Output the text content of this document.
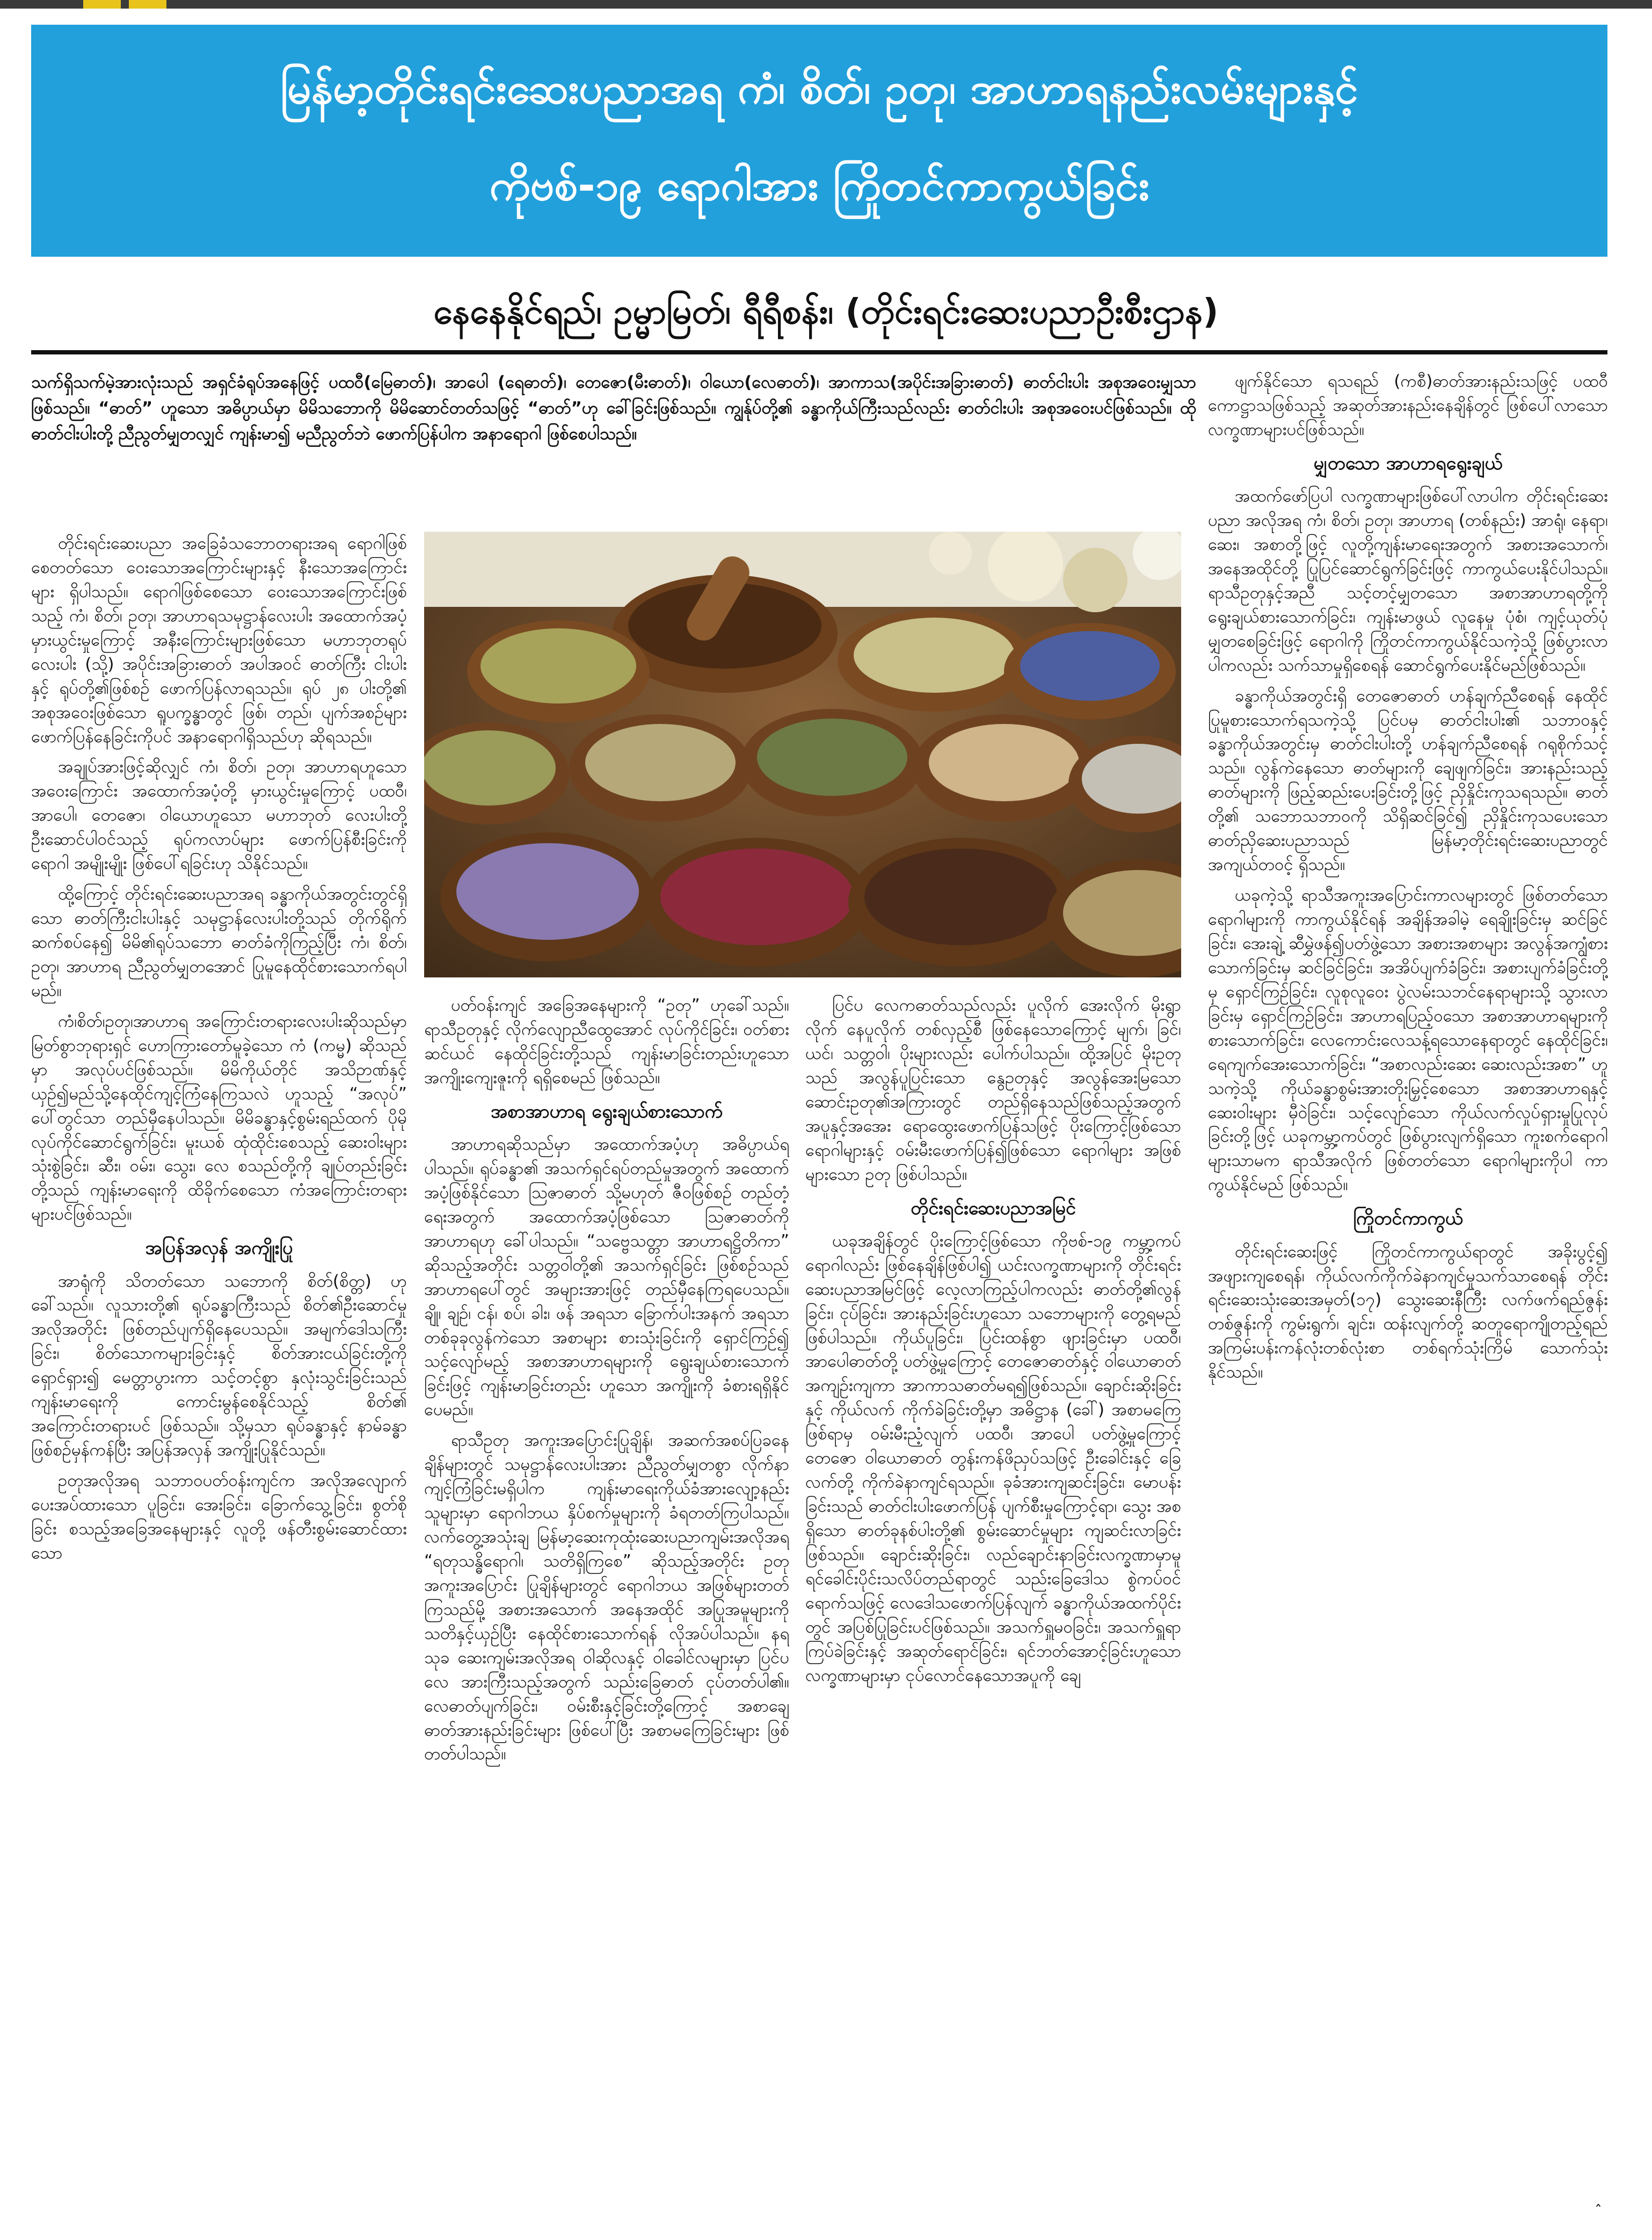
မြန်မာ့တိုင်းရင်းဆေးပညာအရ ကံ၊ စိတ်၊ ဥတု၊ အာဟာရနည်းလမ်းများနှင့်
ကိုဗစ်-၁၉ ရောဂါအား ကြိုတင်ကာကွယ်ခြင်း
နေနေနိုင်ရည်၊ ဥမ္မာမြတ်၊ ရီရီစန်း၊ (တိုင်းရင်းဆေးပညာဦးစီးဌာန)
သက်ရှိသက်မဲ့အားလုံးသည် အရှင်ခံရုပ်အနေဖြင့် ပထဝီ(မြေဓာတ်)၊ အာပေါ (ရေဓာတ်)၊ တေဇော(မီးဓာတ်)၊ ဝါယော(လေဓာတ်)၊ အာကာသ(အပိုင်းအခြားဓာတ်) ဓာတ်ငါးပါး အစုအဝေးမျှသာဖြစ်သည်။ “ဓာတ်” ဟူသော အဓိပ္ပာယ်မှာ မိမိသဘောကို မိမိဆောင်တတ်သဖြင့် “ဓာတ်”ဟု ခေါ်ခြင်းဖြစ်သည်။ ကျွန်ုပ်တို့၏ ခန္ဓာကိုယ်ကြီးသည်လည်း ဓာတ်ငါးပါး အစုအဝေးပင်ဖြစ်သည်။ ထိုဓာတ်ငါးပါးတို့ ညီညွတ်မျှတလျှင် ကျန်းမာ၍ မညီညွတ်ဘဲ ဖောက်ပြန်ပါက အနာရောဂါ ဖြစ်စေပါသည်။

တိုင်းရင်းဆေးပညာ အခြေခံသဘောတရားအရ ရောဂါဖြစ်စေတတ်သော ဝေးသောအကြောင်းများနှင့် နီးသောအကြောင်းများ ရှိပါသည်။ ရောဂါဖြစ်စေသော ဝေးသောအကြောင်းဖြစ်သည့် ကံ၊ စိတ်၊ ဥတု၊ အာဟာရသမုဋ္ဌာန်လေးပါး အထောက်အပံ့ မှားယွင်းမှုကြောင့် အနီးကြောင်းများဖြစ်သော မဟာဘုတရုပ်လေးပါး (သို့) အပိုင်းအခြားဓာတ် အပါအဝင် ဓာတ်ကြီး ငါးပါးနှင့် ရုပ်တို့၏ဖြစ်စဉ် ဖောက်ပြန်လာရသည်။ ရုပ် ၂၈ ပါးတို့၏ အစုအဝေးဖြစ်သော ရူပက္ခန္ဓာတွင် ဖြစ်၊ တည်၊ ပျက်အစဉ်များ ဖောက်ပြန်နေခြင်းကိုပင် အနာရောဂါရှိသည်ဟု ဆိုရသည်။

အချုပ်အားဖြင့်ဆိုလျှင် ကံ၊ စိတ်၊ ဥတု၊ အာဟာရဟူသော အဝေးကြောင်း အထောက်အပံ့တို့ မှားယွင်းမှုကြောင့် ပထဝီ၊ အာပေါ၊ တေဇော၊ ဝါယောဟူသော မဟာဘုတ် လေးပါးတို့ ဦးဆောင်ပါဝင်သည့် ရုပ်ကလာပ်များ ဖောက်ပြန်စီးခြင်းကို ရောဂါ အမျိုးမျိုး ဖြစ်ပေါ်ရခြင်းဟု သိနိုင်သည်။

ထို့ကြောင့် တိုင်းရင်းဆေးပညာအရ ခန္ဓာကိုယ်အတွင်းတွင်ရှိသော ဓာတ်ကြီးငါးပါးနှင့် သမုဋ္ဌာန်လေးပါးတို့သည် တိုက်ရိုက်ဆက်စပ်နေ၍ မိမိ၏ရုပ်သဘော ဓာတ်ခံကိုကြည့်ပြီး ကံ၊ စိတ်၊ ဥတု၊ အာဟာရ ညီညွတ်မျှတအောင် ပြုမူနေထိုင်စားသောက်ရပါမည်။

ကံ၊စိတ်၊ဥတု၊အာဟာရ အကြောင်းတရားလေးပါးဆိုသည်မှာ မြတ်စွာဘုရားရှင် ဟောကြားတော်မူခဲ့သော ကံ (ကမ္မ) ဆိုသည်မှာ အလုပ်ပင်ဖြစ်သည်။ မိမိကိုယ်တိုင် အသိဉာဏ်နှင့် ယှဉ်၍မည်သို့နေထိုင်ကျင့်ကြံနေကြသလဲ ဟူသည့် “အလုပ်” ပေါ်တွင်သာ တည်မှီနေပါသည်။ မိမိခန္ဓာနှင့်စွမ်းရည်ထက် ပိုမိုလုပ်ကိုင်ဆောင်ရွက်ခြင်း၊ မူးယစ် ထုံထိုင်းစေသည့် ဆေးဝါးများသုံးစွဲခြင်း၊ ဆီး၊ ဝမ်း၊ သွေး၊ လေ စသည်တို့ကို ချုပ်တည်းခြင်းတို့သည် ကျန်းမာရေးကို ထိခိုက်စေသော ကံအကြောင်းတရားများပင်ဖြစ်သည်။

အပြန်အလှန် အကျိုးပြု

အာရုံကို သိတတ်သော သဘောကို စိတ်(စိတ္တ) ဟုခေါ်သည်။ လူသားတို့၏ ရုပ်ခန္ဓာကြီးသည် စိတ်၏ဦးဆောင်မှုအလိုအတိုင်း ဖြစ်တည်ပျက်ရှိနေပေသည်။ အမျက်ဒေါသကြီးခြင်း၊ စိတ်သောကများခြင်းနှင့် စိတ်အားငယ်ခြင်းတို့ကို ရှောင်ရှား၍ မေတ္တာပွားကာ သင့်တင့်စွာ နှလုံးသွင်းခြင်းသည် ကျန်းမာရေးကို ကောင်းမွန်စေနိုင်သည့် စိတ်၏ အကြောင်းတရားပင် ဖြစ်သည်။ သို့မှသာ ရုပ်ခန္ဓာနှင့် နာမ်ခန္ဓာဖြစ်စဉ်မှန်ကန်ပြီး အပြန်အလှန် အကျိုးပြုနိုင်သည်။

ဥတုအလိုအရ သဘာဝပတ်ဝန်းကျင်က အလိုအလျောက် ပေးအပ်ထားသော ပူခြင်း၊ အေးခြင်း၊ ခြောက်သွေ့ခြင်း၊ စွတ်စိုခြင်း စသည့်အခြေအနေများနှင့် လူတို့ ဖန်တီးစွမ်းဆောင်ထားသော

ပတ်ဝန်းကျင် အခြေအနေများကို “ဥတု” ဟုခေါ်သည်။ ရာသီဥတုနှင့် လိုက်လျောညီထွေအောင် လုပ်ကိုင်ခြင်း၊ ဝတ်စားဆင်ယင် နေထိုင်ခြင်းတို့သည် ကျန်းမာခြင်းတည်းဟူသော အကျိုးကျေးဇူးကို ရရှိစေမည် ဖြစ်သည်။

အစာအာဟာရ ရွေးချယ်စားသောက်

အာဟာရဆိုသည်မှာ အထောက်အပံ့ဟု အဓိပ္ပာယ်ရပါသည်။ ရုပ်ခန္ဓာ၏ အသက်ရှင်ရပ်တည်မှုအတွက် အထောက်အပံ့ဖြစ်နိုင်သော ဩဇာဓာတ် သို့မဟုတ် ဇီဝဖြစ်စဉ် တည်တံ့ရေးအတွက် အထောက်အပံ့ဖြစ်သော ဩဇာဓာတ်ကို အာဟာရဟု ခေါ်ပါသည်။ “သဗ္ဗေသတ္တာ အာဟာရဋ္ဌိတိကာ” ဆိုသည့်အတိုင်း သတ္တဝါတို့၏ အသက်ရှင်ခြင်း ဖြစ်စဉ်သည် အာဟာရပေါ်တွင် အများအားဖြင့် တည်မှီနေကြရပေသည်။ ချို၊ ချဉ်၊ ငန်၊ စပ်၊ ခါး၊ ဖန် အရသာ ခြောက်ပါးအနက် အရသာ တစ်ခုခုလွန်ကဲသော အစာများ စားသုံးခြင်းကို ရှောင်ကြဉ်၍ သင့်လျော်မည့် အစာအာဟာရများကို ရွေးချယ်စားသောက်ခြင်းဖြင့် ကျန်းမာခြင်းတည်း ဟူသော အကျိုးကို ခံစားရရှိနိုင်ပေမည်။

ရာသီဥတု အကူးအပြောင်းပြုချိန်၊ အဆက်အစပ်ပြခနေချိန်များတွင် သမုဋ္ဌာန်လေးပါးအား ညီညွတ်မျှတစွာ လိုက်နာကျင့်ကြံခြင်းမရှိပါက ကျန်းမာရေးကိုယ်ခံအားလျော့နည်းသူများမှာ ရောဂါဘယ နှိပ်စက်မှုများကို ခံရတတ်ကြပါသည်။ လက်တွေ့အသုံးချ မြန်မာ့ဆေးကုထုံးဆေးပညာကျမ်းအလိုအရ “ရတုသန္ဓိရောဂါ၊ သတိရှိကြစေ” ဆိုသည့်အတိုင်း ဥတုအကူးအပြောင်း ပြုချိန်များတွင် ရောဂါဘယ အဖြစ်များတတ်ကြသည်မို့ အစားအသောက် အနေအထိုင် အပြုအမူများကို သတိနှင့်ယှဉ်ပြီး နေထိုင်စားသောက်ရန် လိုအပ်ပါသည်။ နရသုခ ဆေးကျမ်းအလိုအရ ဝါဆိုလနှင့် ဝါခေါင်လများမှာ ပြင်ပလေ အားကြီးသည့်အတွက် သည်းခြေဓာတ် ငုပ်တတ်ပါ၏။ လေဓာတ်ပျက်ခြင်း၊ ဝမ်းစီးနှင့်ခြင်းတို့ကြောင့် အစာချေဓာတ်အားနည်းခြင်းများ ဖြစ်ပေါ်ပြီး အစာမကြေခြင်းများ ဖြစ်တတ်ပါသည်။

ပြင်ပ လေကဓာတ်သည်လည်း ပူလိုက် အေးလိုက် မိုးရွာလိုက် နေပူလိုက် တစ်လှည့်စီ ဖြစ်နေသောကြောင့် မျက်၊ ခြင်၊ ယင်၊ သတ္တဝါ၊ ပိုးများလည်း ပေါက်ပါသည်။ ထို့အပြင် မိုးဥတုသည် အလွန်ပူပြင်းသော နွေဥတုနှင့် အလွန်အေးမြသော ဆောင်းဥတု၏အကြားတွင် တည်ရှိနေသည်ဖြစ်သည့်အတွက် အပူနှင့်အအေး ရောထွေးဖောက်ပြန်သဖြင့် ပိုးကြောင့်ဖြစ်သော ရောဂါများနှင့် ဝမ်းမီးဖောက်ပြန်၍ဖြစ်သော ရောဂါများ အဖြစ်များသော ဥတု ဖြစ်ပါသည်။

တိုင်းရင်းဆေးပညာအမြင်

ယခုအချိန်တွင် ပိုးကြောင့်ဖြစ်သော ကိုဗစ်-၁၉ ကမ္ဘာ့ကပ်ရောဂါလည်း ဖြစ်နေချိန်ဖြစ်ပါ၍ ယင်းလက္ခဏာများကို တိုင်းရင်းဆေးပညာအမြင်ဖြင့် လေ့လာကြည့်ပါကလည်း ဓာတ်တို့၏လွန်ခြင်း၊ ငုပ်ခြင်း၊ အားနည်းခြင်းဟူသော သဘောများကို တွေ့ရမည် ဖြစ်ပါသည်။ ကိုယ်ပူခြင်း၊ ပြင်းထန်စွာ ဖျားခြင်းမှာ ပထဝီ၊ အာပေါဓာတ်တို့ ပတ်ဖွဲ့မှုကြောင့် တေဇောဓာတ်နှင့် ဝါယောဓာတ် အကျဉ်းကျကာ အာကာသဓာတ်မရ၍ဖြစ်သည်။ ချောင်းဆိုးခြင်းနှင့် ကိုယ်လက် ကိုက်ခဲခြင်းတို့မှာ အဓိဋ္ဌာန (ခေါ်) အစာမကြေဖြစ်ရာမှ ဝမ်းမီးညံ့လျက် ပထဝီ၊ အာပေါ ပတ်ဖွဲ့မှုကြောင့် တေဇော ဝါယောဓာတ် တွန်းကန်ဖိညှပ်သဖြင့် ဦးခေါင်းနှင့် ခြေလက်တို့ ကိုက်ခဲနာကျင်ရသည်။ ခုခံအားကျဆင်းခြင်း၊ မောပန်းခြင်းသည် ဓာတ်ငါးပါးဖောက်ပြန် ပျက်စီးမှုကြောင့်ရာ၊ သွေး အစရှိသော ဓာတ်ခုနစ်ပါးတို့၏ စွမ်းဆောင်မှုများ ကျဆင်းလာခြင်းဖြစ်သည်။ ချောင်းဆိုးခြင်း၊ လည်ချောင်းနာခြင်းလက္ခဏာမှာမူ ရင်ခေါင်းပိုင်းသလိပ်တည်ရာတွင် သည်းခြေဒေါသ စွဲကပ်ဝင်ရောက်သဖြင့် လေဒေါသဖောက်ပြန်လျက် ခန္ဓာကိုယ်အထက်ပိုင်းတွင် အပြစ်ပြုခြင်းပင်ဖြစ်သည်။ အသက်ရှူမဝခြင်း၊ အသက်ရှူရာကြပ်ခဲခြင်းနှင့် အဆုတ်ရောင်ခြင်း၊ ရင်ဘတ်အောင့်ခြင်းဟူသော လက္ခဏာများမှာ ငုပ်လောင်နေသောအပူကို ချေ

ဖျက်နိုင်သော ရသရည် (ကစီ)ဓာတ်အားနည်းသဖြင့် ပထဝီကောဋ္ဌာသဖြစ်သည့် အဆုတ်အားနည်းနေချိန်တွင် ဖြစ်ပေါ်လာသော လက္ခဏာများပင်ဖြစ်သည်။

မျှတသော အာဟာရရွေးချယ်

အထက်ဖော်ပြပါ လက္ခဏာများဖြစ်ပေါ်လာပါက တိုင်းရင်းဆေးပညာ အလိုအရ ကံ၊ စိတ်၊ ဥတု၊ အာဟာရ (တစ်နည်း) အာရုံ၊ နေရာ၊ ဆေး၊ အစာတို့ဖြင့် လူတို့ကျန်းမာရေးအတွက် အစားအသောက်၊ အနေအထိုင်တို့ ပြုပြင်ဆောင်ရွက်ခြင်းဖြင့် ကာကွယ်ပေးနိုင်ပါသည်။ ရာသီဥတုနှင့်အညီ သင့်တင့်မျှတသော အစာအာဟာရတို့ကို ရွေးချယ်စားသောက်ခြင်း၊ ကျန်းမာဖွယ် လူနေမှု ပုံစံ၊ ကျင့်ယုတ်ပုံ မျှတစေခြင်းဖြင့် ရောဂါကို ကြိုတင်ကာကွယ်နိုင်သကဲ့သို့ ဖြစ်ပွားလာပါကလည်း သက်သာမှုရှိစေရန် ဆောင်ရွက်ပေးနိုင်မည်ဖြစ်သည်။

ခန္ဓာကိုယ်အတွင်းရှိ တေဇောဓာတ် ဟန်ချက်ညီစေရန် နေထိုင်ပြုမူစားသောက်ရသကဲ့သို့ ပြင်ပမှ ဓာတ်ငါးပါး၏ သဘာဝနှင့် ခန္ဓာကိုယ်အတွင်းမှ ဓာတ်ငါးပါးတို့ ဟန်ချက်ညီစေရန် ဂရုစိုက်သင့်သည်။ လွန်ကဲနေသော ဓာတ်များကို ချေဖျက်ခြင်း၊ အားနည်းသည့် ဓာတ်များကို ဖြည့်ဆည်းပေးခြင်းတို့ဖြင့် ညှိနှိုင်းကုသရသည်။ ဓာတ်တို့၏ သဘောသဘာဝကို သိရှိဆင်ခြင်၍ ညှိနှိုင်းကုသပေးသော ဓာတ်ညှိဆေးပညာသည် မြန်မာ့တိုင်းရင်းဆေးပညာတွင် အကျယ်တဝင့် ရှိသည်။

ယခုကဲ့သို့ ရာသီအကူးအပြောင်းကာလများတွင် ဖြစ်တတ်သောရောဂါများကို ကာကွယ်နိုင်ရန် အချိန်အခါမဲ့ ရေချိုးခြင်းမှ ဆင်ခြင်ခြင်း၊ အေးချဲ့ ဆီမွှဲဖန်၍ပတ်ဖွဲ့သော အစားအစာများ အလွန်အကျွံစားသောက်ခြင်းမှ ဆင်ခြင်ခြင်း၊ အအိပ်ပျက်ခံခြင်း၊ အစားပျက်ခံခြင်းတို့မှ ရှောင်ကြဉ်ခြင်း၊ လူစုလူဝေး ပွဲလမ်းသဘင်နေရာများသို့ သွားလာခြင်းမှ ရှောင်ကြဉ်ခြင်း၊ အာဟာရပြည့်ဝသော အစာအာဟာရများကို စားသောက်ခြင်း၊ လေကောင်းလေသန့်ရသောနေရာတွင် နေထိုင်ခြင်း၊ ရေကျက်အေးသောက်ခြင်း၊ “အစာလည်းဆေး ဆေးလည်းအစာ” ဟူသကဲ့သို့ ကိုယ်ခန္ဓာစွမ်းအားတိုးမြှင့်စေသော အစာအာဟာရနှင့် ဆေးဝါးများ မှီဝဲခြင်း၊ သင့်လျော်သော ကိုယ်လက်လှုပ်ရှားမှုပြုလုပ်ခြင်းတို့ဖြင့် ယခုကမ္ဘာ့ကပ်တွင် ဖြစ်ပွားလျက်ရှိသော ကူးစက်ရောဂါများသာမက ရာသီအလိုက် ဖြစ်တတ်သော ရောဂါများကိုပါ ကာကွယ်နိုင်မည် ဖြစ်သည်။

ကြိုတင်ကာကွယ်

တိုင်းရင်းဆေးဖြင့် ကြိုတင်ကာကွယ်ရာတွင် အခိုးပွင့်၍ အဖျားကျစေရန်၊ ကိုယ်လက်ကိုက်ခဲနာကျင်မှုသက်သာစေရန် တိုင်းရင်းဆေးသုံးဆေးအမှတ်(၁၇) သွေးဆေးနီကြီး လက်ဖက်ရည်ဇွန်းတစ်ဇွန်းကို ကွမ်းရွက်၊ ချင်း၊ ထန်းလျက်တို့ ဆတူရောကျိုတည့်ရည် အကြမ်းပန်းကန်လုံးတစ်လုံးစာ တစ်ရက်သုံးကြိမ် သောက်သုံးနိုင်သည်။

ˆ
